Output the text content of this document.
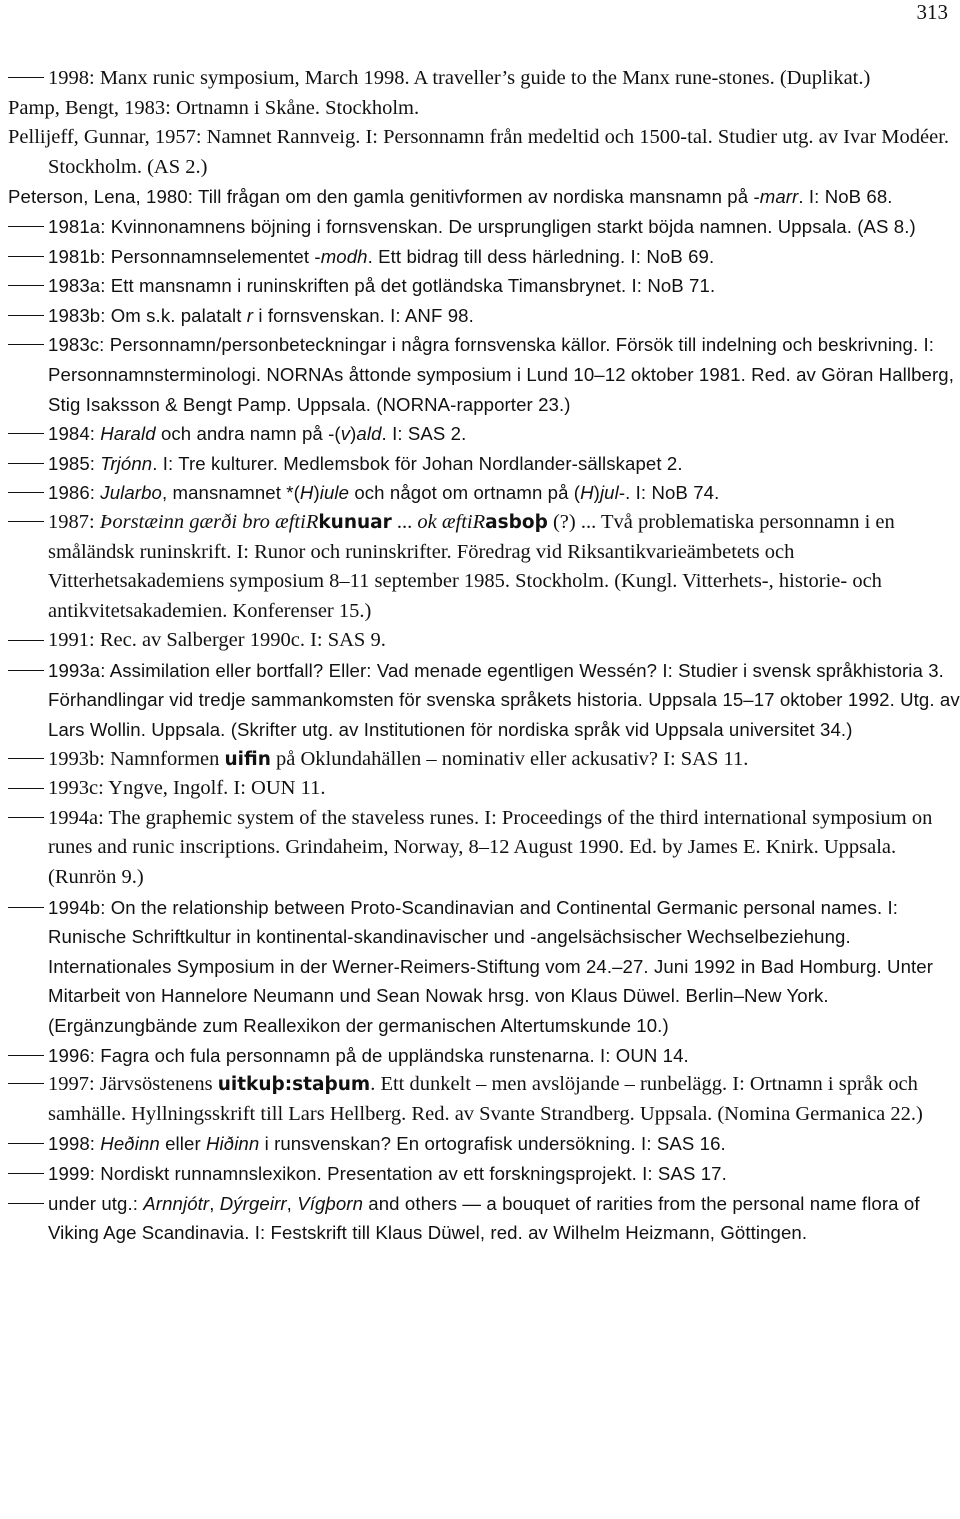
313
1998: Manx runic symposium, March 1998. A traveller’s guide to the Manx rune-stones. (Duplikat.)
Pamp, Bengt, 1983: Ortnamn i Skåne. Stockholm.
Pellijeff, Gunnar, 1957: Namnet Rannveig. I: Personnamn från medeltid och 1500-tal. Studier utg. av Ivar Modéer. Stockholm. (AS 2.)
Peterson, Lena, 1980: Till frågan om den gamla genitivformen av nordiska mansnamn på -marr. I: NoB 68.
1981a: Kvinnonamnens böjning i fornsvenskan. De ursprungligen starkt böjda namnen. Uppsala. (AS 8.)
1981b: Personnamnselementet -modh. Ett bidrag till dess härledning. I: NoB 69.
1983a: Ett mansnamn i runinskriften på det gotländska Timansbrynet. I: NoB 71.
1983b: Om s.k. palatalt r i fornsvenskan. I: ANF 98.
1983c: Personnamn/personbeteckningar i några fornsvenska källor. Försök till indelning och beskrivning. I: Personnamnsterminologi. NORNAs åttonde symposium i Lund 10–12 oktober 1981. Red. av Göran Hallberg, Stig Isaksson & Bengt Pamp. Uppsala. (NORNA-rapporter 23.)
1984: Harald och andra namn på -(v)ald. I: SAS 2.
1985: Trjónn. I: Tre kulturer. Medlemsbok för Johan Nordlander-sällskapet 2.
1986: Jularbo, mansnamnet *(H)iule och något om ortnamn på (H)jul-. I: NoB 74.
1987: Þorstæinn gærði bro æftiRkunuar ... ok æftiRasboþ (?) ... Två problematiska personnamn i en småländsk runinskrift. I: Runor och runinskrifter. Föredrag vid Riksantikvarieämbetets och Vitterhetsakademiens symposium 8–11 september 1985. Stockholm. (Kungl. Vitterhets-, historie- och antikvitetsakademien. Konferenser 15.)
1991: Rec. av Salberger 1990c. I: SAS 9.
1993a: Assimilation eller bortfall? Eller: Vad menade egentligen Wessén? I: Studier i svensk språkhistoria 3. Förhandlingar vid tredje sammankomsten för svenska språkets historia. Uppsala 15–17 oktober 1992. Utg. av Lars Wollin. Uppsala. (Skrifter utg. av Institutionen för nordiska språk vid Uppsala universitet 34.)
1993b: Namnformen uifin på Oklundahällen – nominativ eller ackusativ? I: SAS 11.
1993c: Yngve, Ingolf. I: OUN 11.
1994a: The graphemic system of the staveless runes. I: Proceedings of the third international symposium on runes and runic inscriptions. Grindaheim, Norway, 8–12 August 1990. Ed. by James E. Knirk. Uppsala. (Runrön 9.)
1994b: On the relationship between Proto-Scandinavian and Continental Germanic personal names. I: Runische Schriftkultur in kontinental-skandinavischer und -angelsächsischer Wechselbeziehung. Internationales Symposium in der Werner-Reimers-Stiftung vom 24.–27. Juni 1992 in Bad Homburg. Unter Mitarbeit von Hannelore Neumann und Sean Nowak hrsg. von Klaus Düwel. Berlin–New York. (Ergänzungbände zum Reallexikon der germanischen Altertumskunde 10.)
1996: Fagra och fula personnamn på de uppländska runstenarna. I: OUN 14.
1997: Järvsöstenens uitkuþ:staþum. Ett dunkelt – men avslöjande – runbelägg. I: Ortnamn i språk och samhälle. Hyllningsskrift till Lars Hellberg. Red. av Svante Strandberg. Uppsala. (Nomina Germanica 22.)
1998: Heðinn eller Hiðinn i runsvenskan? En ortografisk undersökning. I: SAS 16.
1999: Nordiskt runnamnslexikon. Presentation av ett forskningsprojekt. I: SAS 17.
under utg.: Arnnjótr, Dýrgeirr, Vígþorn and others — a bouquet of rarities from the personal name flora of Viking Age Scandinavia. I: Festskrift till Klaus Düwel, red. av Wilhelm Heizmann, Göttingen.
